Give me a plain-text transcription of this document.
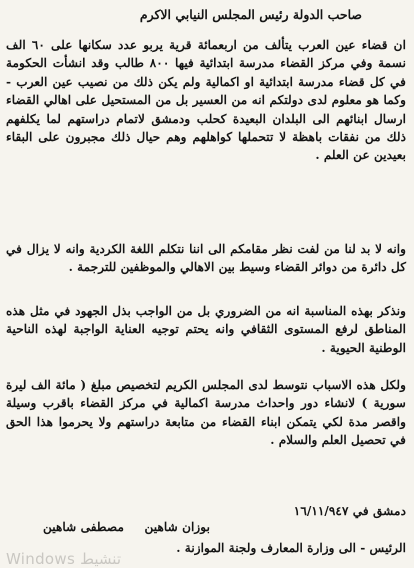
صاحب الدولة رئيس المجلس النيابي الاكرم

ان قضاء عين العرب يتألف من اربعمائة قرية يربو عدد سكانها على ٦٠ الف نسمة وفي مركز القضاء مدرسة ابتدائية فيها ٨٠٠ طالب وقد انشأت الحكومة في كل قضاء مدرسة ابتدائية او اكمالية ولم يكن ذلك من نصيب عين العرب - وكما هو معلوم لدى دولتكم انه من العسير بل من المستحيل على اهالي القضاء ارسال ابنائهم الى البلدان البعيدة كحلب ودمشق لاتمام دراستهم لما يكلفهم ذلك من نفقات باهظة لا تتحملها كواهلهم وهم حيال ذلك مجبرون على البقاء بعيدين عن العلم .

وانه لا بد لنا من لفت نظر مقامكم الى اننا نتكلم اللغة الكردية وانه لا يزال في كل دائرة من دوائر القضاء وسيط بين الاهالي والموظفين للترجمة .

ونذكر بهذه المناسبة انه من الضروري بل من الواجب بذل الجهود في مثل هذه المناطق لرفع المستوى الثقافي وانه يحتم توجيه العناية الواجبة لهذه الناحية الوطنية الحيوية .

ولكل هذه الاسباب نتوسط لدى المجلس الكريم لتخصيص مبلغ ( مائة الف ليرة سورية ) لانشاء دور واحداث مدرسة اكمالية في مركز القضاء باقرب وسيلة واقصر مدة لكي يتمكن ابناء القضاء من متابعة دراستهم ولا يحرموا هذا الحق في تحصيل العلم والسلام .

دمشق في ١٦/١١/٩٤٧
بوزان شاهين
مصطفى شاهين
الرئيس - الى وزارة المعارف ولجنة الموازنة .
Windows تنشيط
